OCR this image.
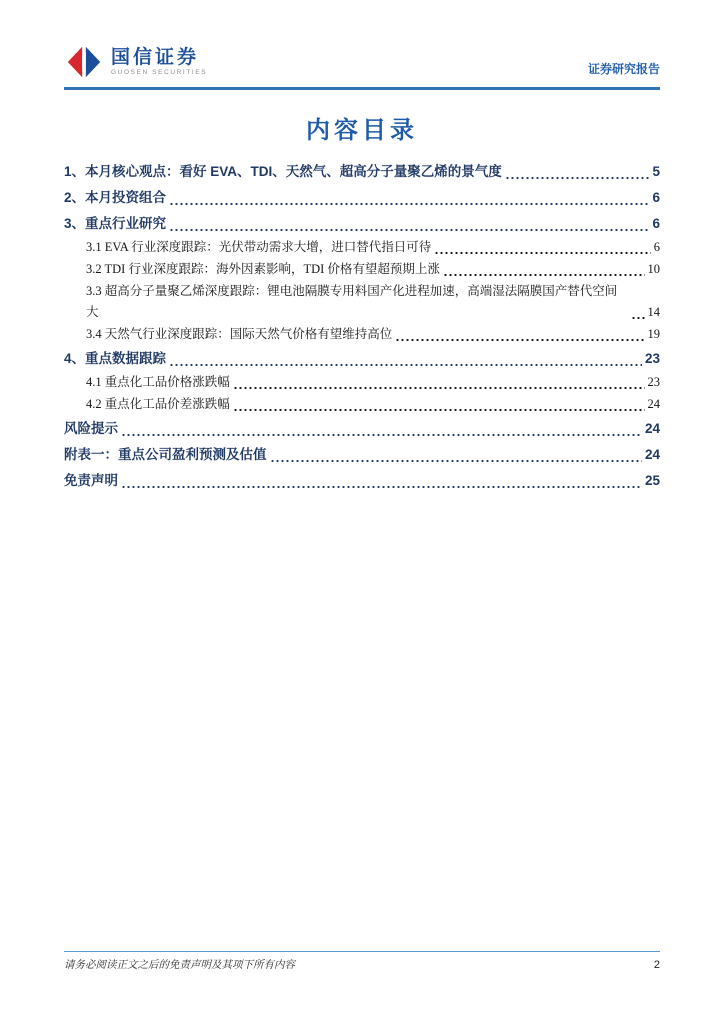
国信证券
GUOSEN SECURITIES	证券研究报告
内容目录
1、本月核心观点：看好 EVA、TDI、天然气、超高分子量聚乙烯的景气度	5
2、本月投资组合	6
3、重点行业研究	6
3.1 EVA 行业深度跟踪：光伏带动需求大增，进口替代指日可待	6
3.2 TDI 行业深度跟踪：海外因素影响，TDI 价格有望超预期上涨	10
3.3 超高分子量聚乙烯深度跟踪：锂电池隔膜专用料国产化进程加速，高端湿法隔膜国产替代空间大	14
3.4 天然气行业深度跟踪：国际天然气价格有望维持高位	19
4、重点数据跟踪	23
4.1 重点化工品价格涨跌幅	23
4.2 重点化工品价差涨跌幅	24
风险提示	24
附表一：重点公司盈利预测及估值	24
免责声明	25
请务必阅读正文之后的免责声明及其项下所有内容	2
